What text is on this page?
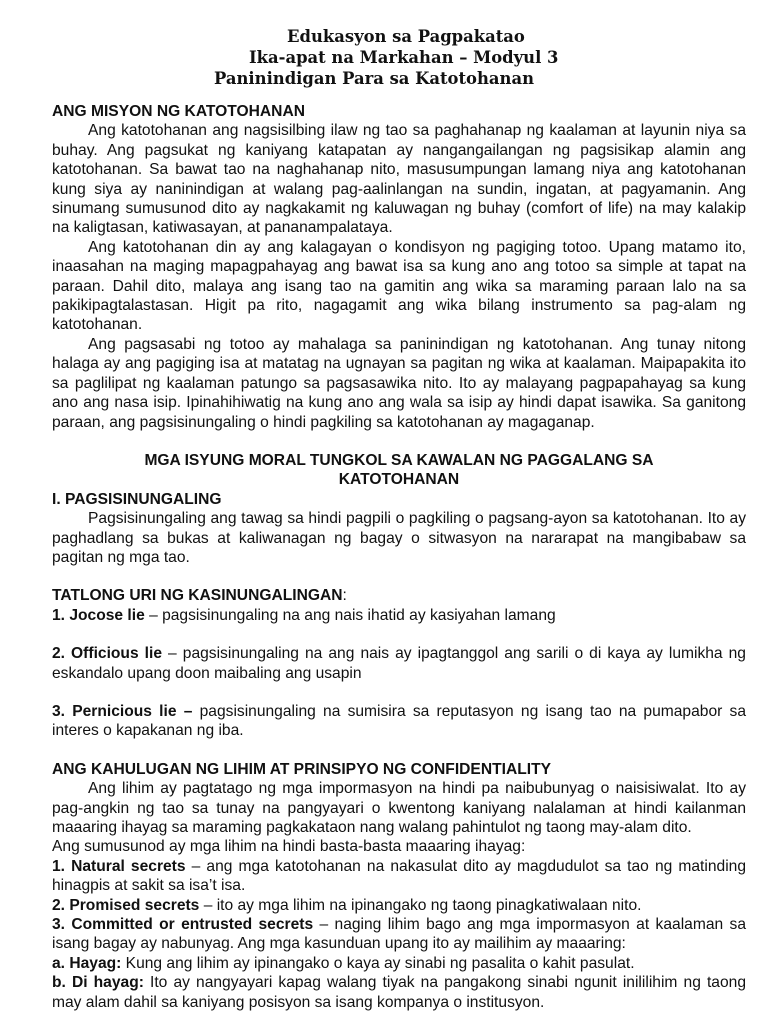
Edukasyon sa Pagpakatao
Ika-apat na Markahan – Modyul 3
Paninindigan Para sa Katotohanan
ANG MISYON NG KATOTOHANAN

Ang katotohanan ang nagsisilbing ilaw ng tao sa paghahanap ng kaalaman at layunin niya sa buhay. Ang pagsukat ng kaniyang katapatan ay nangangailangan ng pagsisikap alamin ang katotohanan. Sa bawat tao na naghahanap nito, masusumpungan lamang niya ang katotohanan kung siya ay naninindigan at walang pag-aalinlangan na sundin, ingatan, at pagyamanin. Ang sinumang sumusunod dito ay nagkakamit ng kaluwagan ng buhay (comfort of life) na may kalakip na kaligtasan, katiwasayan, at pananampalataya.

Ang katotohanan din ay ang kalagayan o kondisyon ng pagiging totoo. Upang matamo ito, inaasahan na maging mapagpahayag ang bawat isa sa kung ano ang totoo sa simple at tapat na paraan. Dahil dito, malaya ang isang tao na gamitin ang wika sa maraming paraan lalo na sa pakikipagtalastasan. Higit pa rito, nagagamit ang wika bilang instrumento sa pag-alam ng katotohanan.

Ang pagsasabi ng totoo ay mahalaga sa paninindigan ng katotohanan. Ang tunay nitong halaga ay ang pagiging isa at matatag na ugnayan sa pagitan ng wika at kaalaman. Maipapakita ito sa paglilipat ng kaalaman patungo sa pagsasawika nito. Ito ay malayang pagpapahayag sa kung ano ang nasa isip. Ipinahihiwatig na kung ano ang wala sa isip ay hindi dapat isawika. Sa ganitong paraan, ang pagsisinungaling o hindi pagkiling sa katotohanan ay magaganap.

MGA ISYUNG MORAL TUNGKOL SA KAWALAN NG PAGGALANG SA
KATOTOHANAN
I. PAGSISINUNGALING

Pagsisinungaling ang tawag sa hindi pagpili o pagkiling o pagsang-ayon sa katotohanan. Ito ay paghadlang sa bukas at kaliwanagan ng bagay o sitwasyon na nararapat na mangibabaw sa pagitan ng mga tao.

TATLONG URI NG KASINUNGALINGAN:

1. Jocose lie – pagsisinungaling na ang nais ihatid ay kasiyahan lamang

2. Officious lie – pagsisinungaling na ang nais ay ipagtanggol ang sarili o di kaya ay lumikha ng eskandalo upang doon maibaling ang usapin

3. Pernicious lie – pagsisinungaling na sumisira sa reputasyon ng isang tao na pumapabor sa interes o kapakanan ng iba.

ANG KAHULUGAN NG LIHIM AT PRINSIPYO NG CONFIDENTIALITY

Ang lihim ay pagtatago ng mga impormasyon na hindi pa naibubunyag o naisisiwalat. Ito ay pag-angkin ng tao sa tunay na pangyayari o kwentong kaniyang nalalaman at hindi kailanman maaaring ihayag sa maraming pagkakataon nang walang pahintulot ng taong may-alam dito.

Ang sumusunod ay mga lihim na hindi basta-basta maaaring ihayag:

1. Natural secrets – ang mga katotohanan na nakasulat dito ay magdudulot sa tao ng matinding hinagpis at sakit sa isa’t isa.

2. Promised secrets – ito ay mga lihim na ipinangako ng taong pinagkatiwalaan nito.

3. Committed or entrusted secrets – naging lihim bago ang mga impormasyon at kaalaman sa isang bagay ay nabunyag. Ang mga kasunduan upang ito ay mailihim ay maaaring:

a. Hayag: Kung ang lihim ay ipinangako o kaya ay sinabi ng pasalita o kahit pasulat.

b. Di hayag: Ito ay nangyayari kapag walang tiyak na pangakong sinabi ngunit inililihim ng taong may alam dahil sa kaniyang posisyon sa isang kompanya o institusyon.
